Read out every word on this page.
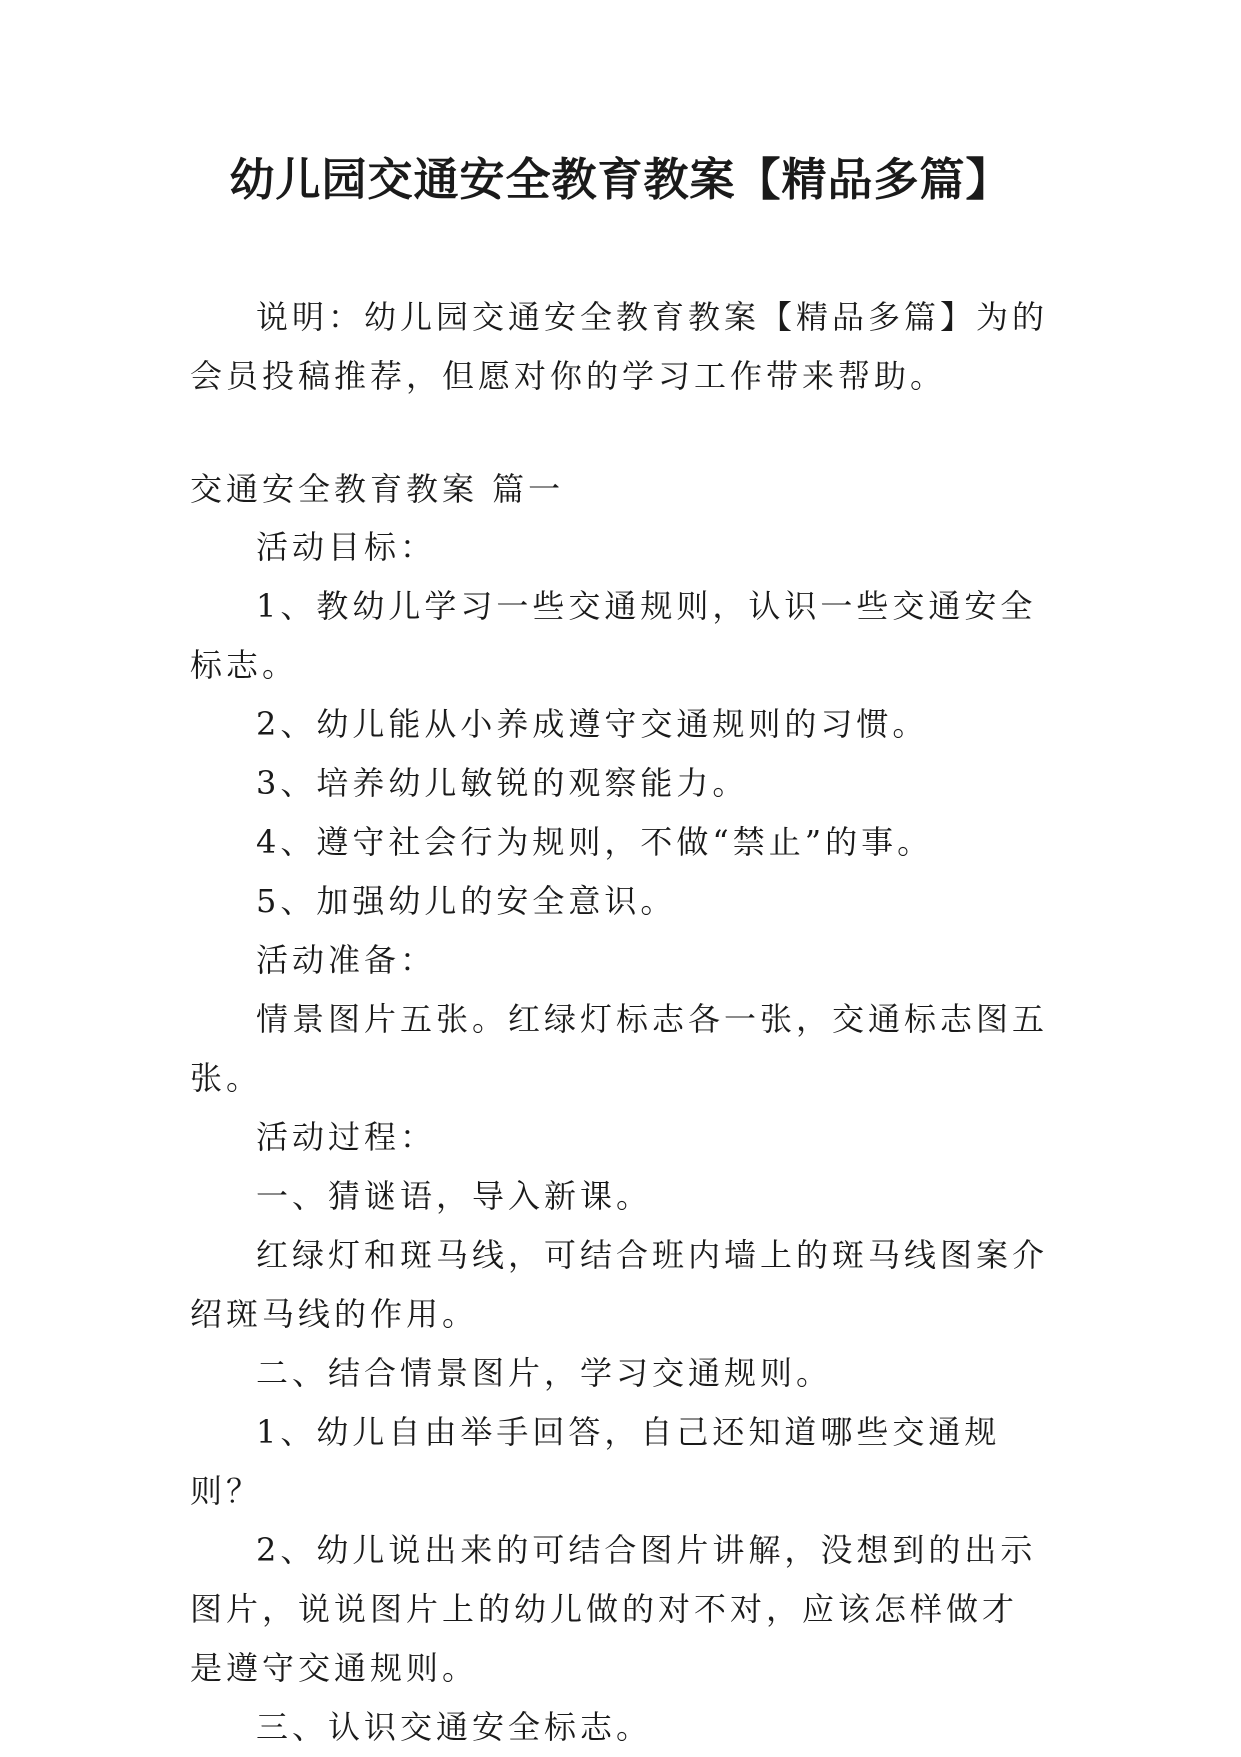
幼儿园交通安全教育教案【精品多篇】

说明：幼儿园交通安全教育教案【精品多篇】为的会员投稿推荐，但愿对你的学习工作带来帮助。

交通安全教育教案 篇一

活动目标：

1、教幼儿学习一些交通规则，认识一些交通安全标志。

2、幼儿能从小养成遵守交通规则的习惯。

3、培养幼儿敏锐的观察能力。

4、遵守社会行为规则，不做“禁止”的事。

5、加强幼儿的安全意识。

活动准备：

情景图片五张。红绿灯标志各一张，交通标志图五张。

活动过程：

一、猜谜语，导入新课。

红绿灯和斑马线，可结合班内墙上的斑马线图案介绍斑马线的作用。

二、结合情景图片，学习交通规则。

1、幼儿自由举手回答，自己还知道哪些交通规则？

2、幼儿说出来的可结合图片讲解，没想到的出示图片，说说图片上的幼儿做的对不对，应该怎样做才是遵守交通规则。

三、认识交通安全标志。
